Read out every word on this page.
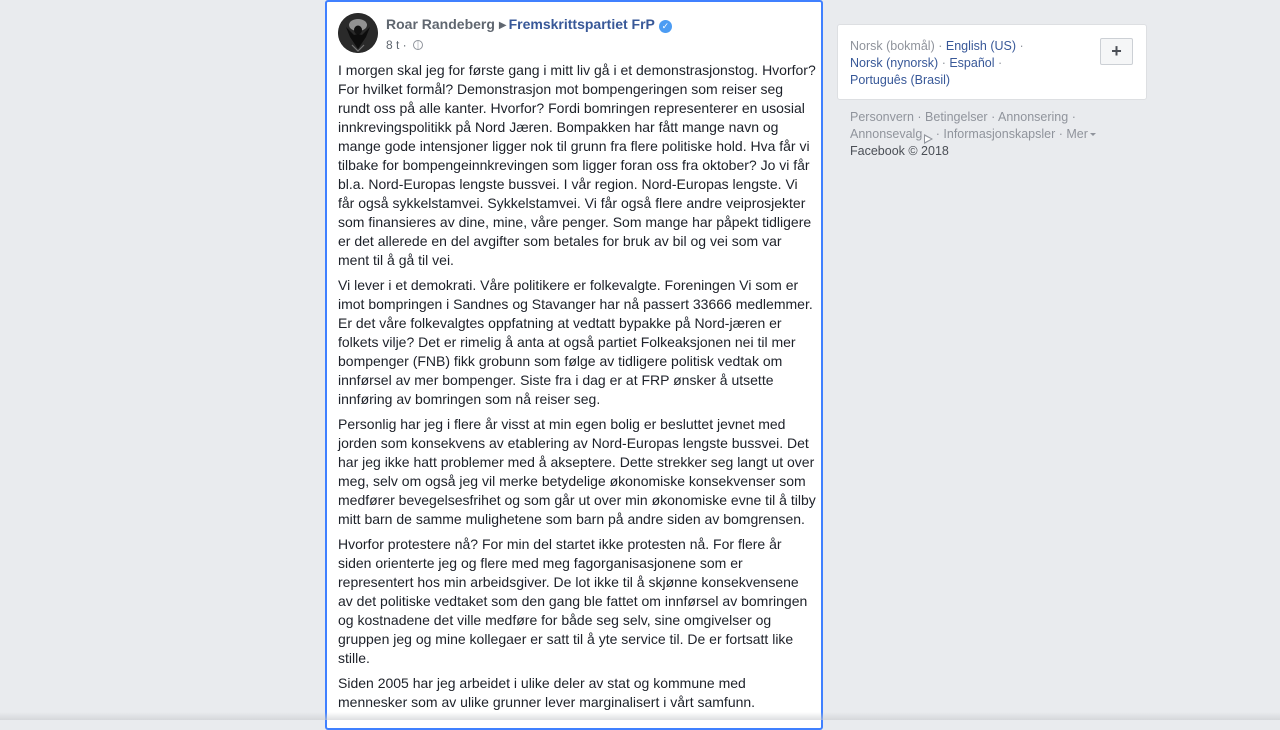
Roar Randeberg ▶ Fremskrittspartiet FrP ✓
8 t ·

I morgen skal jeg for første gang i mitt liv gå i et demonstrasjonstog. Hvorfor? For hvilket formål? Demonstrasjon mot bompengeringen som reiser seg rundt oss på alle kanter. Hvorfor? Fordi bomringen representerer en usosial innkrevingspolitikk på Nord Jæren. Bompakken har fått mange navn og mange gode intensjoner ligger nok til grunn fra flere politiske hold. Hva får vi tilbake for bompengeinnkrevingen som ligger foran oss fra oktober? Jo vi får bl.a. Nord-Europas lengste bussvei. I vår region. Nord-Europas lengste. Vi får også sykkelstamvei. Sykkelstamvei. Vi får også flere andre veiprosjekter som finansieres av dine, mine, våre penger. Som mange har påpekt tidligere er det allerede en del avgifter som betales for bruk av bil og vei som var ment til å gå til vei.

Vi lever i et demokrati. Våre politikere er folkevalgte. Foreningen Vi som er imot bompringen i Sandnes og Stavanger har nå passert 33666 medlemmer. Er det våre folkevalgtes oppfatning at vedtatt bypakke på Nord-jæren er folkets vilje? Det er rimelig å anta at også partiet Folkeaksjonen nei til mer bompenger (FNB) fikk grobunn som følge av tidligere politisk vedtak om innførsel av mer bompenger. Siste fra i dag er at FRP ønsker å utsette innføring av bomringen som nå reiser seg.

Personlig har jeg i flere år visst at min egen bolig er besluttet jevnet med jorden som konsekvens av etablering av Nord-Europas lengste bussvei. Det har jeg ikke hatt problemer med å akseptere. Dette strekker seg langt ut over meg, selv om også jeg vil merke betydelige økonomiske konsekvenser som medfører bevegelsesfrihet og som går ut over min økonomiske evne til å tilby mitt barn de samme mulighetene som barn på andre siden av bomgrensen.

Hvorfor protestere nå? For min del startet ikke protesten nå. For flere år siden orienterte jeg og flere med meg fagorganisasjonene som er representert hos min arbeidsgiver. De lot ikke til å skjønne konsekvensene av det politiske vedtaket som den gang ble fattet om innførsel av bomringen og kostnadene det ville medføre for både seg selv, sine omgivelser og gruppen jeg og mine kollegaer er satt til å yte service til. De er fortsatt like stille.

Siden 2005 har jeg arbeidet i ulike deler av stat og kommune med mennesker som av ulike grunner lever marginalisert i vårt samfunn.

Norsk (bokmål) · English (US) ·
Norsk (nynorsk) · Español ·
Português (Brasil)
+
Personvern · Betingelser · Annonsering ·
Annonsevalg · Informasjonskapsler · Mer
Facebook © 2018
